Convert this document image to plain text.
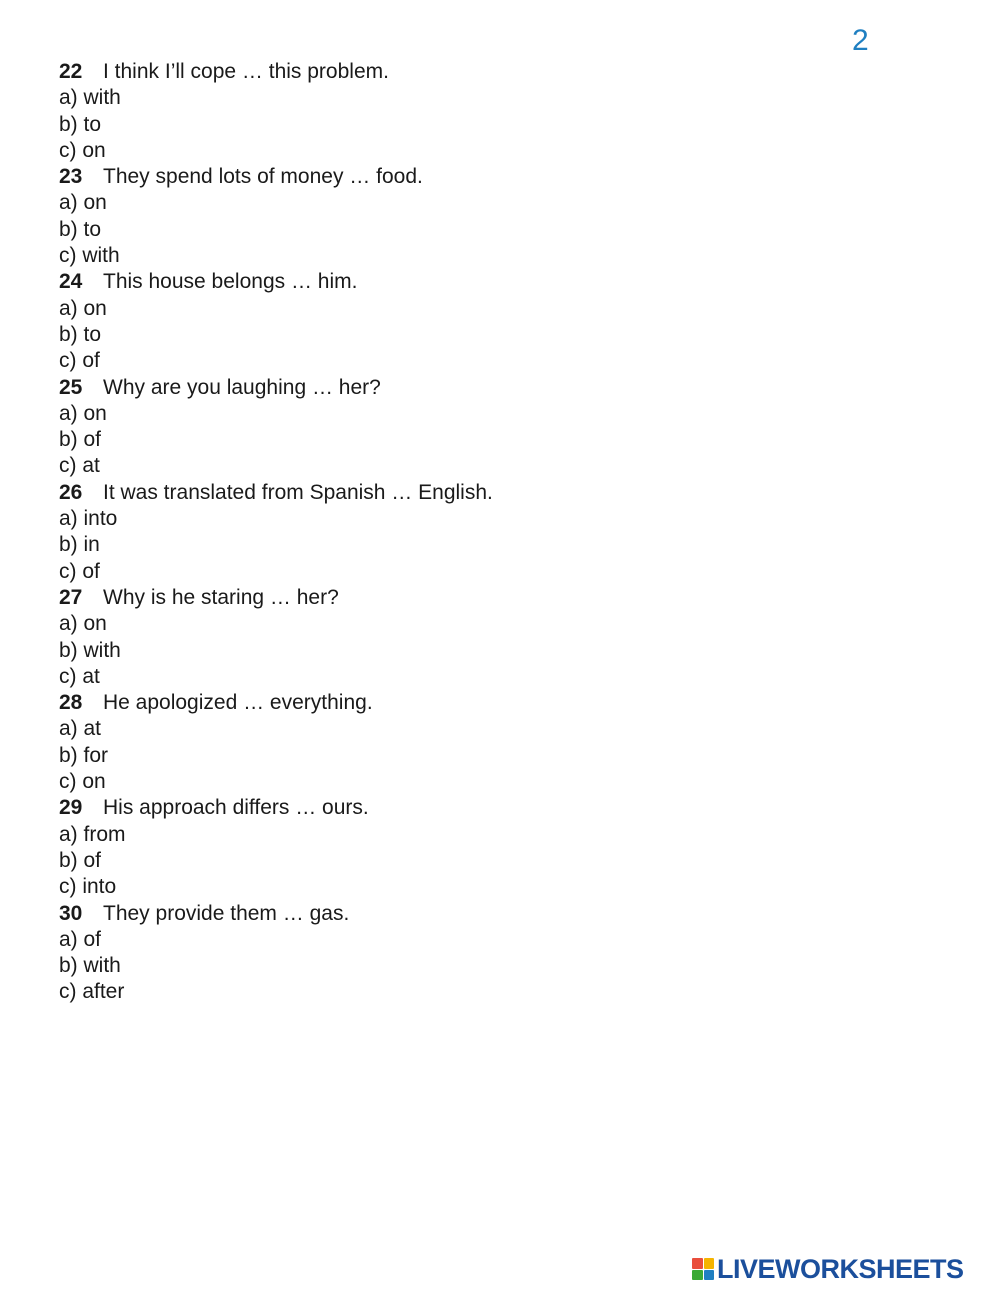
2
22 I think I’ll cope … this problem.
a) with
b) to
c) on
23 They spend lots of money … food.
a) on
b) to
c) with
24 This house belongs … him.
a) on
b) to
c) of
25 Why are you laughing … her?
a) on
b) of
c) at
26 It was translated from Spanish … English.
a) into
b) in
c) of
27 Why is he staring … her?
a) on
b) with
c) at
28 He apologized … everything.
a) at
b) for
c) on
29 His approach differs … ours.
a) from
b) of
c) into
30 They provide them … gas.
a) of
b) with
c) after
LIVEWORKSHEETS
